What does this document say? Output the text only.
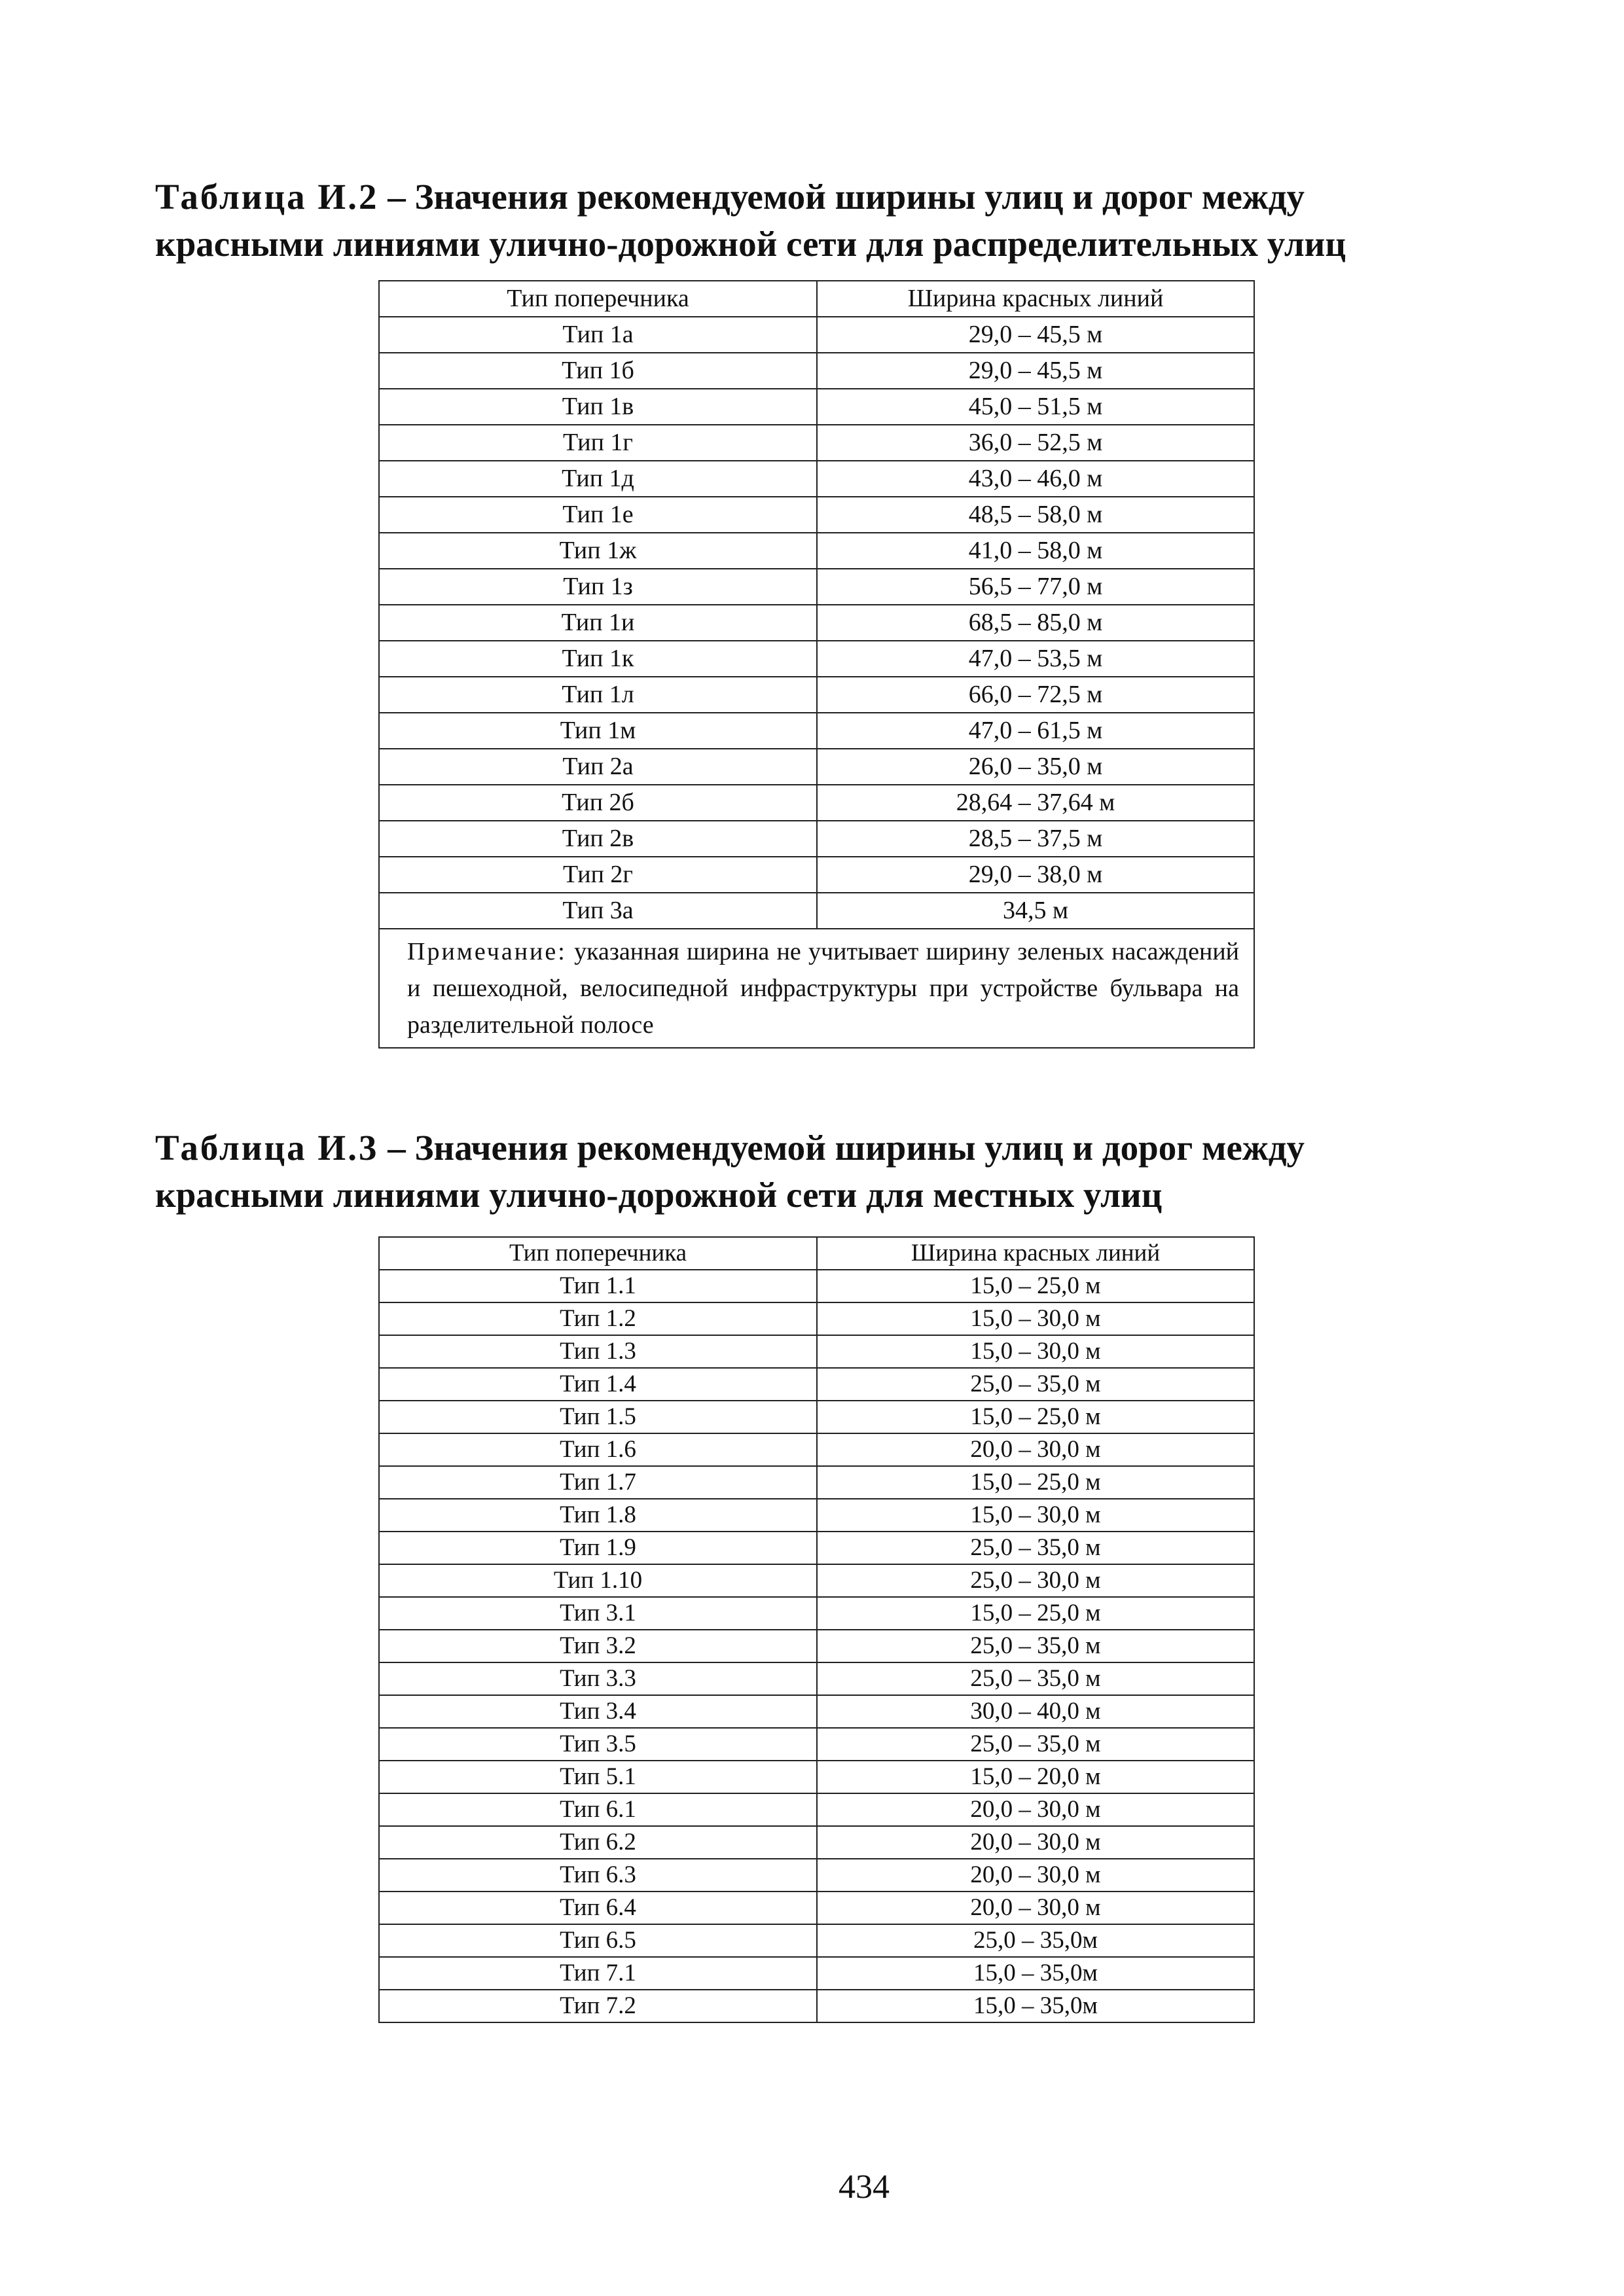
Таблица И.2 – Значения рекомендуемой ширины улиц и дорог между
красными линиями улично-дорожной сети для распределительных улиц
Тип поперечника	Ширина красных линий
Тип 1а	29,0 – 45,5 м
Тип 1б	29,0 – 45,5 м
Тип 1в	45,0 – 51,5 м
Тип 1г	36,0 – 52,5 м
Тип 1д	43,0 – 46,0 м
Тип 1е	48,5 – 58,0 м
Тип 1ж	41,0 – 58,0 м
Тип 1з	56,5 – 77,0 м
Тип 1и	68,5 – 85,0 м
Тип 1к	47,0 – 53,5 м
Тип 1л	66,0 – 72,5 м
Тип 1м	47,0 – 61,5 м
Тип 2а	26,0 – 35,0 м
Тип 2б	28,64 – 37,64 м
Тип 2в	28,5 – 37,5 м
Тип 2г	29,0 – 38,0 м
Тип 3а	34,5 м
Примечание: указанная ширина не учитывает ширину зеленых насаждений и пешеходной, велосипедной инфраструктуры при устройстве бульвара на разделительной полосе	
Таблица И.3 – Значения рекомендуемой ширины улиц и дорог между
красными линиями улично-дорожной сети для местных улиц
Тип поперечника	Ширина красных линий
Тип 1.1	15,0 – 25,0 м
Тип 1.2	15,0 – 30,0 м
Тип 1.3	15,0 – 30,0 м
Тип 1.4	25,0 – 35,0 м
Тип 1.5	15,0 – 25,0 м
Тип 1.6	20,0 – 30,0 м
Тип 1.7	15,0 – 25,0 м
Тип 1.8	15,0 – 30,0 м
Тип 1.9	25,0 – 35,0 м
Тип 1.10	25,0 – 30,0 м
Тип 3.1	15,0 – 25,0 м
Тип 3.2	25,0 – 35,0 м
Тип 3.3	25,0 – 35,0 м
Тип 3.4	30,0 – 40,0 м
Тип 3.5	25,0 – 35,0 м
Тип 5.1	15,0 – 20,0 м
Тип 6.1	20,0 – 30,0 м
Тип 6.2	20,0 – 30,0 м
Тип 6.3	20,0 – 30,0 м
Тип 6.4	20,0 – 30,0 м
Тип 6.5	25,0 – 35,0м
Тип 7.1	15,0 – 35,0м
Тип 7.2	15,0 – 35,0м
434
